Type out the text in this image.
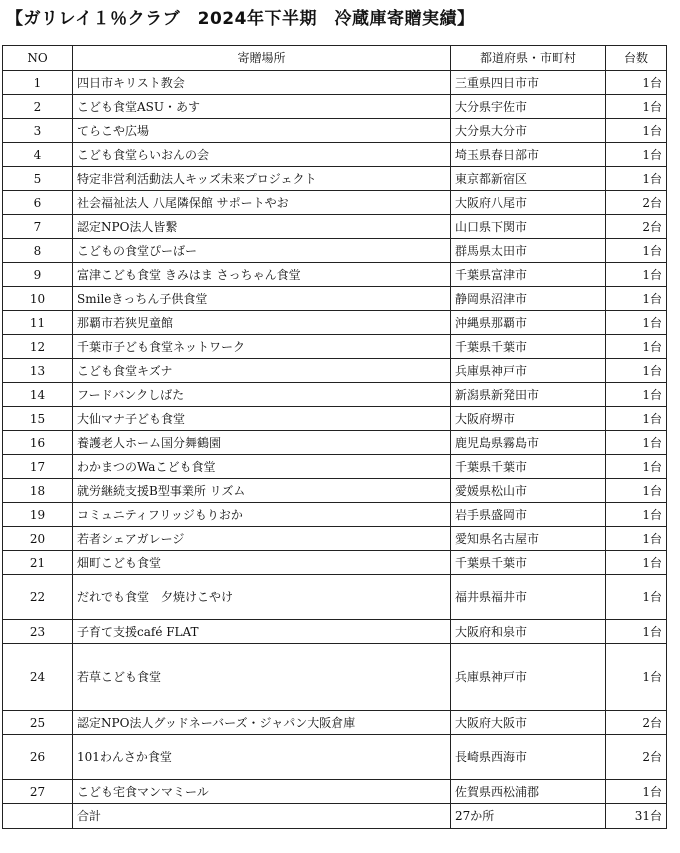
【ガリレイ１％クラブ　2024年下半期　冷蔵庫寄贈実績】
NO	寄贈場所	都道府県・市町村	台数
1	四日市キリスト教会	三重県四日市市	1台
2	こども食堂ASU・あす	大分県宇佐市	1台
3	てらこや広場	大分県大分市	1台
4	こども食堂らいおんの会	埼玉県春日部市	1台
5	特定非営利活動法人キッズ未来プロジェクト	東京都新宿区	1台
6	社会福祉法人 八尾隣保館 サポートやお	大阪府八尾市	2台
7	認定NPO法人皆繋	山口県下関市	2台
8	こどもの食堂ぴーばー	群馬県太田市	1台
9	富津こども食堂 きみはま さっちゃん食堂	千葉県富津市	1台
10	Smileきっちん子供食堂	静岡県沼津市	1台
11	那覇市若狭児童館	沖縄県那覇市	1台
12	千葉市子ども食堂ネットワーク	千葉県千葉市	1台
13	こども食堂キズナ	兵庫県神戸市	1台
14	フードバンクしばた	新潟県新発田市	1台
15	大仙マナ子ども食堂	大阪府堺市	1台
16	養護老人ホーム国分舞鶴園	鹿児島県霧島市	1台
17	わかまつのWaこども食堂	千葉県千葉市	1台
18	就労継続支援B型事業所 リズム	愛媛県松山市	1台
19	コミュニティフリッジもりおか	岩手県盛岡市	1台
20	若者シェアガレージ	愛知県名古屋市	1台
21	畑町こども食堂	千葉県千葉市	1台
22	だれでも食堂　夕焼けこやけ	福井県福井市	1台
23	子育て支援café FLAT	大阪府和泉市	1台
24	若草こども食堂	兵庫県神戸市	1台
25	認定NPO法人グッドネーバーズ・ジャパン大阪倉庫	大阪府大阪市	2台
26	101わんさか食堂	長崎県西海市	2台
27	こども宅食マンマミール	佐賀県西松浦郡	1台
	合計	27か所	31台
